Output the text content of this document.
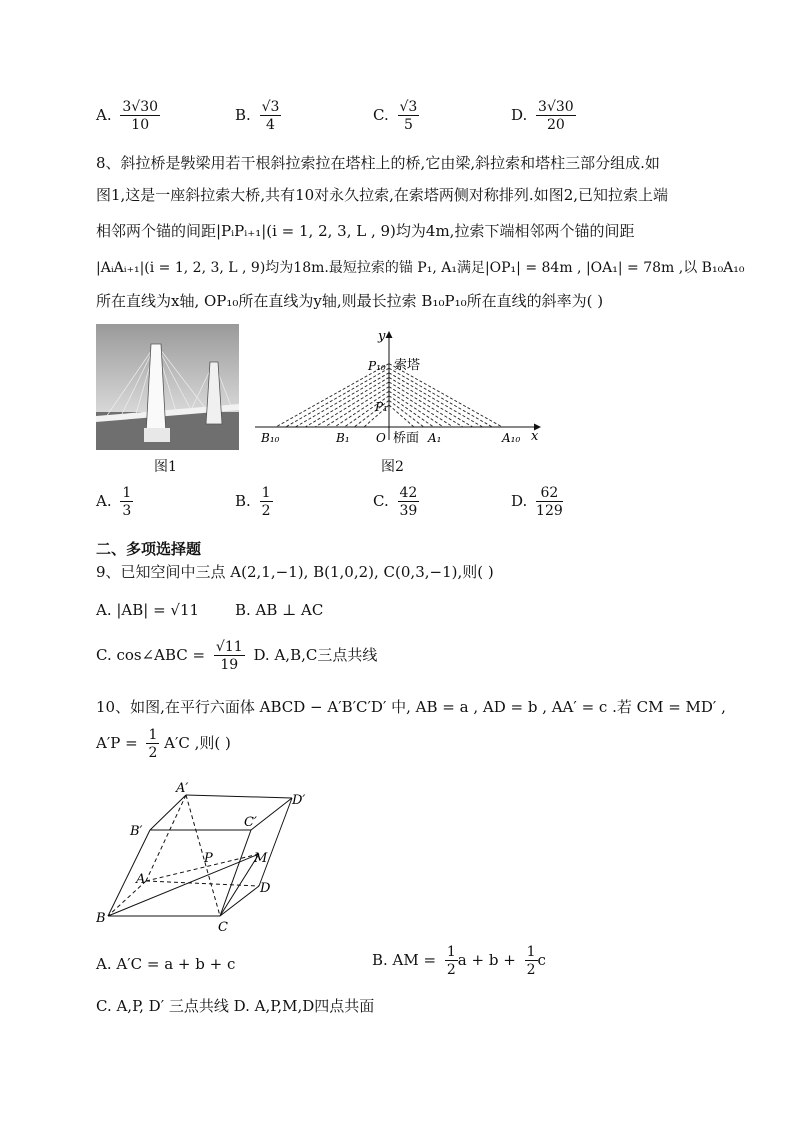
A. $\frac{3√30}{10}$	B. $\frac{√3}{4}$	C. $\frac{√3}{5}$	D. $\frac{3√30}{20}$
8、斜拉桥是斅梁用若干根斜拉索拉在塔柱上的桥,它由梁,斜拉索和塔柱三部分组成.如
图1,这是一座斜拉索大桥,共有10对永久拉索,在索塔两侧对称排列.如图2,已知拉索上端
相邻两个锚的间距|PᵢPᵢ₊₁|(i = 1, 2, 3, L , 9)均为4m,拉索下端相邻两个锚的间距
|AᵢAᵢ₊₁|(i = 1, 2, 3, L , 9)均为18m.最短拉索的锚 P₁, A₁满足|OP₁| = 84m , |OA₁| = 78m ,以 B₁₀A₁₀
所在直线为x轴, OP₁₀所在直线为y轴,则最长拉索 B₁₀P₁₀所在直线的斜率为( )
图1
y
x
P₁₀ 索塔
P₁
B₁₀	B₁ O 桥面 A₁	A₁₀
图2
A. $\frac{1}{3}$	B. $\frac{1}{2}$	C. $\frac{42}{39}$	D. $\frac{62}{129}$
二、多项选择题
9、已知空间中三点 A(2,1,−1), B(1,0,2), C(0,3,−1),则( )
A. |AB| = √11 B. AB ⊥ AC
C. cos∠ABC = $\frac{√11}{19} D$. A,B,C三点共线
10、如图,在平行六面体 ABCD − A′B′C′D′ 中, AB = a , AD = b , AA′ = c .若 CM = MD′ ,
$A'P = \frac{1}{2} A'C$ ,则( )
A′
D′
B′
C′
P	M
A
D
B
C
A. A′C = a + b + c	B. AM = $\frac{1}{2}$ $a + b + \frac{1}{2}$ c
C. A,P, D′ 三点共线 D. A,P,M,D四点共面
